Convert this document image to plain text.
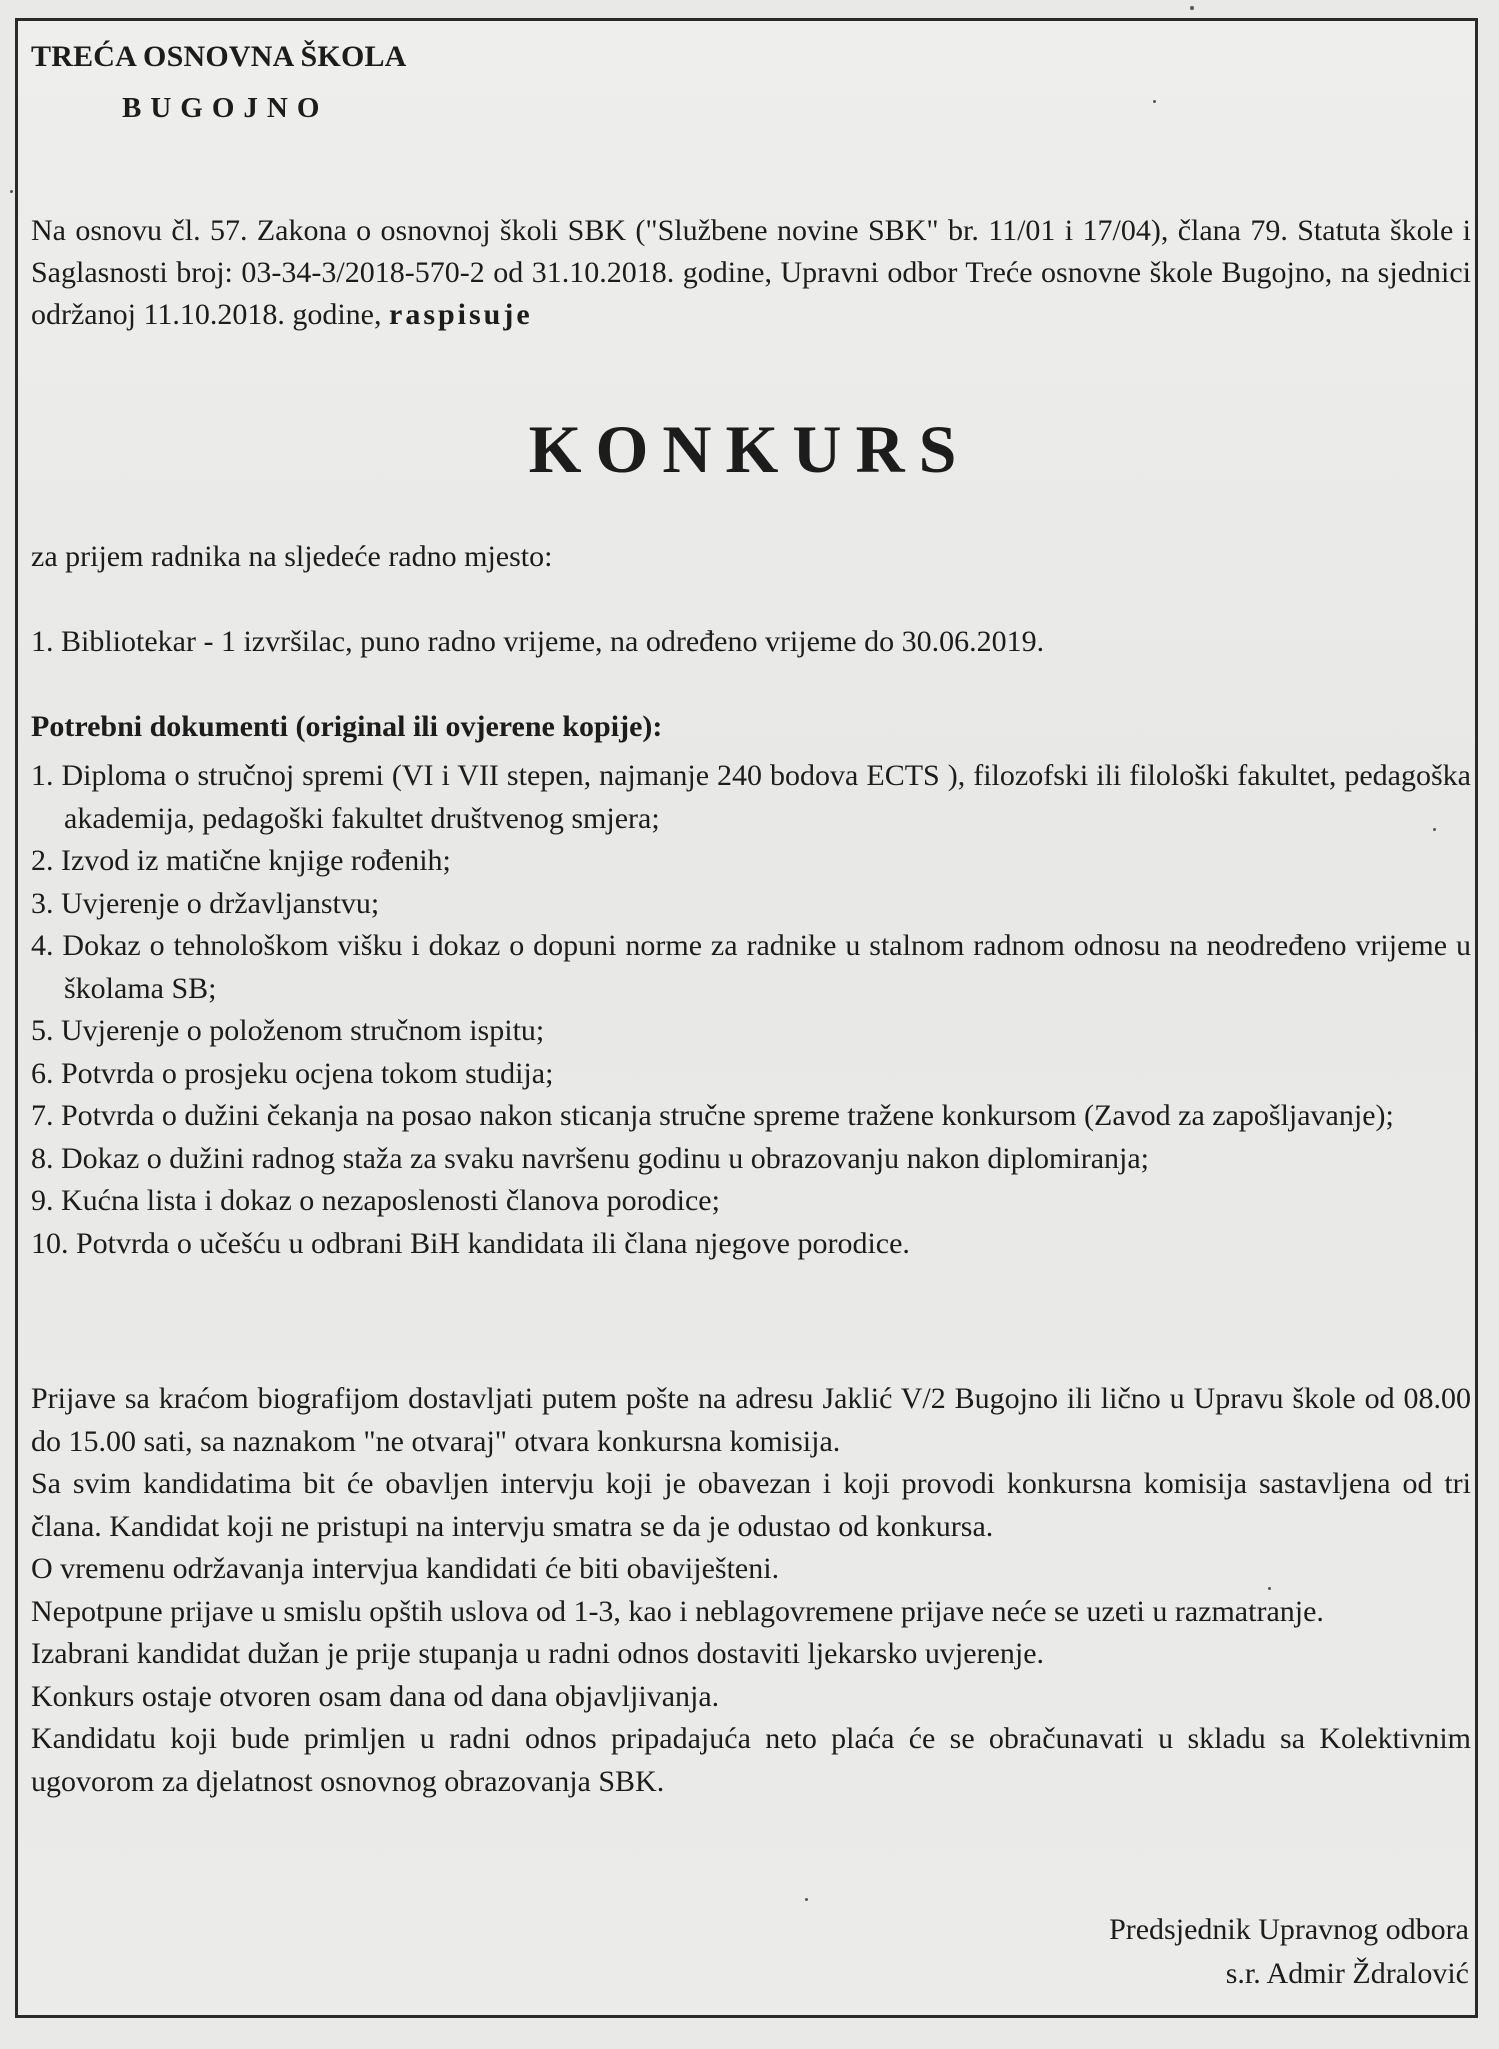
TREĆA OSNOVNA ŠKOLA
BUGOJNO
Na osnovu čl. 57. Zakona o osnovnoj školi SBK ("Službene novine SBK" br. 11/01 i 17/04), člana 79. Statuta škole i Saglasnosti broj: 03-34-3/2018-570-2 od 31.10.2018. godine, Upravni odbor Treće osnovne škole Bugojno, na sjednici održanoj 11.10.2018. godine, raspisuje
KONKURS
za prijem radnika na sljedeće radno mjesto:
1. Bibliotekar - 1 izvršilac, puno radno vrijeme, na određeno vrijeme do 30.06.2019.
Potrebni dokumenti (original ili ovjerene kopije):
1. Diploma o stručnoj spremi (VI i VII stepen, najmanje 240 bodova ECTS ), filozofski ili filološki fakultet, pedagoška akademija, pedagoški fakultet društvenog smjera;
2. Izvod iz matične knjige rođenih;
3. Uvjerenje o državljanstvu;
4. Dokaz o tehnološkom višku i dokaz o dopuni norme za radnike u stalnom radnom odnosu na neodređeno vrijeme u školama SB;
5. Uvjerenje o položenom stručnom ispitu;
6. Potvrda o prosjeku ocjena tokom studija;
7. Potvrda o dužini čekanja na posao nakon sticanja stručne spreme tražene konkursom (Zavod za zapošljavanje);
8. Dokaz o dužini radnog staža za svaku navršenu godinu u obrazovanju nakon diplomiranja;
9. Kućna lista i dokaz o nezaposlenosti članova porodice;
10. Potvrda o učešću u odbrani BiH kandidata ili člana njegove porodice.

Prijave sa kraćom biografijom dostavljati putem pošte na adresu Jaklić V/2 Bugojno ili lično u Upravu škole od 08.00 do 15.00 sati, sa naznakom "ne otvaraj" otvara konkursna komisija.

Sa svim kandidatima bit će obavljen intervju koji je obavezan i koji provodi konkursna komisija sastavljena od tri člana. Kandidat koji ne pristupi na intervju smatra se da je odustao od konkursa.

O vremenu održavanja intervjua kandidati će biti obaviješteni.

Nepotpune prijave u smislu opštih uslova od 1-3, kao i neblagovremene prijave neće se uzeti u razmatranje.

Izabrani kandidat dužan je prije stupanja u radni odnos dostaviti ljekarsko uvjerenje.

Konkurs ostaje otvoren osam dana od dana objavljivanja.

Kandidatu koji bude primljen u radni odnos pripadajuća neto plaća će se obračunavati u skladu sa Kolektivnim ugovorom za djelatnost osnovnog obrazovanja SBK.

Predsjednik Upravnog odbora
s.r. Admir Ždralović
